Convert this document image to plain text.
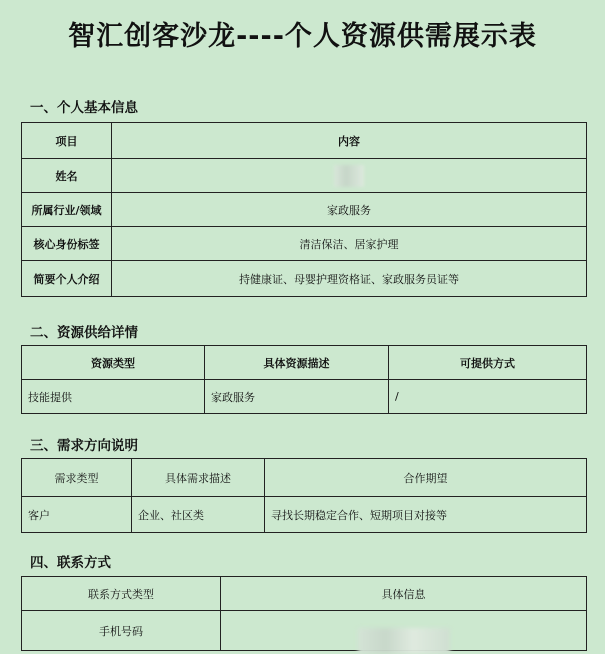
智汇创客沙龙----个人资源供需展示表
一、个人基本信息
项目	内容
姓名	
所属行业/领域	家政服务
核心身份标签	清洁保洁、居家护理
简要个人介绍	持健康证、母婴护理资格证、家政服务员证等
二、资源供给详情
资源类型	具体资源描述	可提供方式
技能提供	家政服务	/
三、需求方向说明
需求类型	具体需求描述	合作期望
客户	企业、社区类	寻找长期稳定合作、短期项目对接等
四、联系方式
联系方式类型	具体信息
手机号码	
